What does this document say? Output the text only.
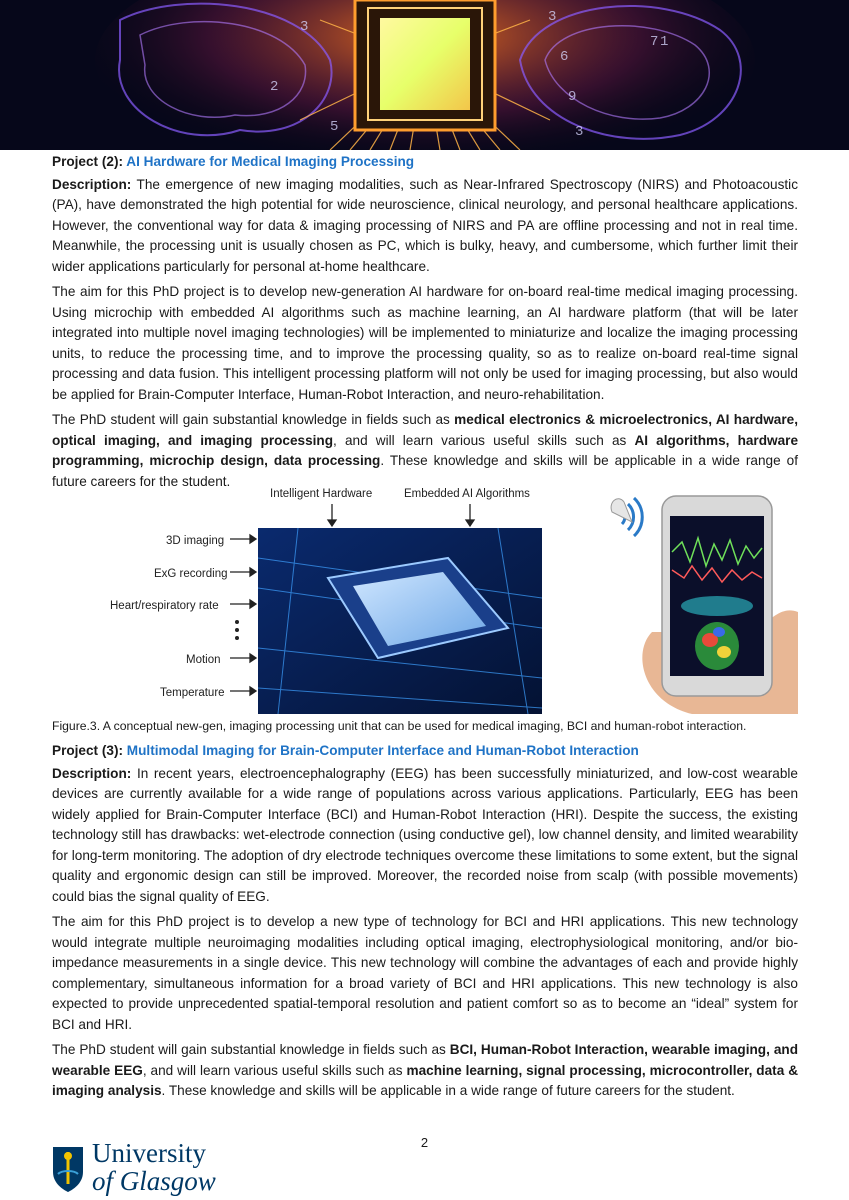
3
6
9
7 1
3
5
2
3

Project (2): AI Hardware for Medical Imaging Processing

Description: The emergence of new imaging modalities, such as Near-Infrared Spectroscopy (NIRS) and Photoacoustic (PA), have demonstrated the high potential for wide neuroscience, clinical neurology, and personal healthcare applications. However, the conventional way for data & imaging processing of NIRS and PA are offline processing and not in real time. Meanwhile, the processing unit is usually chosen as PC, which is bulky, heavy, and cumbersome, which further limit their wider applications particularly for personal at-home healthcare.

The aim for this PhD project is to develop new-generation AI hardware for on-board real-time medical imaging processing. Using microchip with embedded AI algorithms such as machine learning, an AI hardware platform (that will be later integrated into multiple novel imaging technologies) will be implemented to miniaturize and localize the imaging processing units, to reduce the processing time, and to improve the processing quality, so as to realize on-board real-time signal processing and data fusion. This intelligent processing platform will not only be used for imaging processing, but also would be applied for Brain-Computer Interface, Human-Robot Interaction, and neuro-rehabilitation.

The PhD student will gain substantial knowledge in fields such as medical electronics & microelectronics, AI hardware, optical imaging, and imaging processing, and will learn various useful skills such as AI algorithms, hardware programming, microchip design, data processing. These knowledge and skills will be applicable in a wide range of future careers for the student.

Intelligent Hardware	Embedded AI Algorithms
3D imaging
ExG recording
Heart/respiratory rate
Motion
Temperature

Figure.3. A conceptual new-gen, imaging processing unit that can be used for medical imaging, BCI and human-robot interaction.

Project (3): Multimodal Imaging for Brain-Computer Interface and Human-Robot Interaction

Description: In recent years, electroencephalography (EEG) has been successfully miniaturized, and low-cost wearable devices are currently available for a wide range of populations across various applications. Particularly, EEG has been widely applied for Brain-Computer Interface (BCI) and Human-Robot Interaction (HRI). Despite the success, the existing technology still has drawbacks: wet-electrode connection (using conductive gel), low channel density, and limited wearability for long-term monitoring. The adoption of dry electrode techniques overcome these limitations to some extent, but the signal quality and ergonomic design can still be improved. Moreover, the recorded noise from scalp (with possible movements) could bias the signal quality of EEG.

The aim for this PhD project is to develop a new type of technology for BCI and HRI applications. This new technology would integrate multiple neuroimaging modalities including optical imaging, electrophysiological monitoring, and/or bio-impedance measurements in a single device. This new technology will combine the advantages of each and provide highly complementary, simultaneous information for a broad variety of BCI and HRI applications. This new technology is also expected to provide unprecedented spatial-temporal resolution and patient comfort so as to become an “ideal” system for BCI and HRI.

The PhD student will gain substantial knowledge in fields such as BCI, Human-Robot Interaction, wearable imaging, and wearable EEG, and will learn various useful skills such as machine learning, signal processing, microcontroller, data & imaging analysis. These knowledge and skills will be applicable in a wide range of future careers for the student.

2
University
of Glasgow
